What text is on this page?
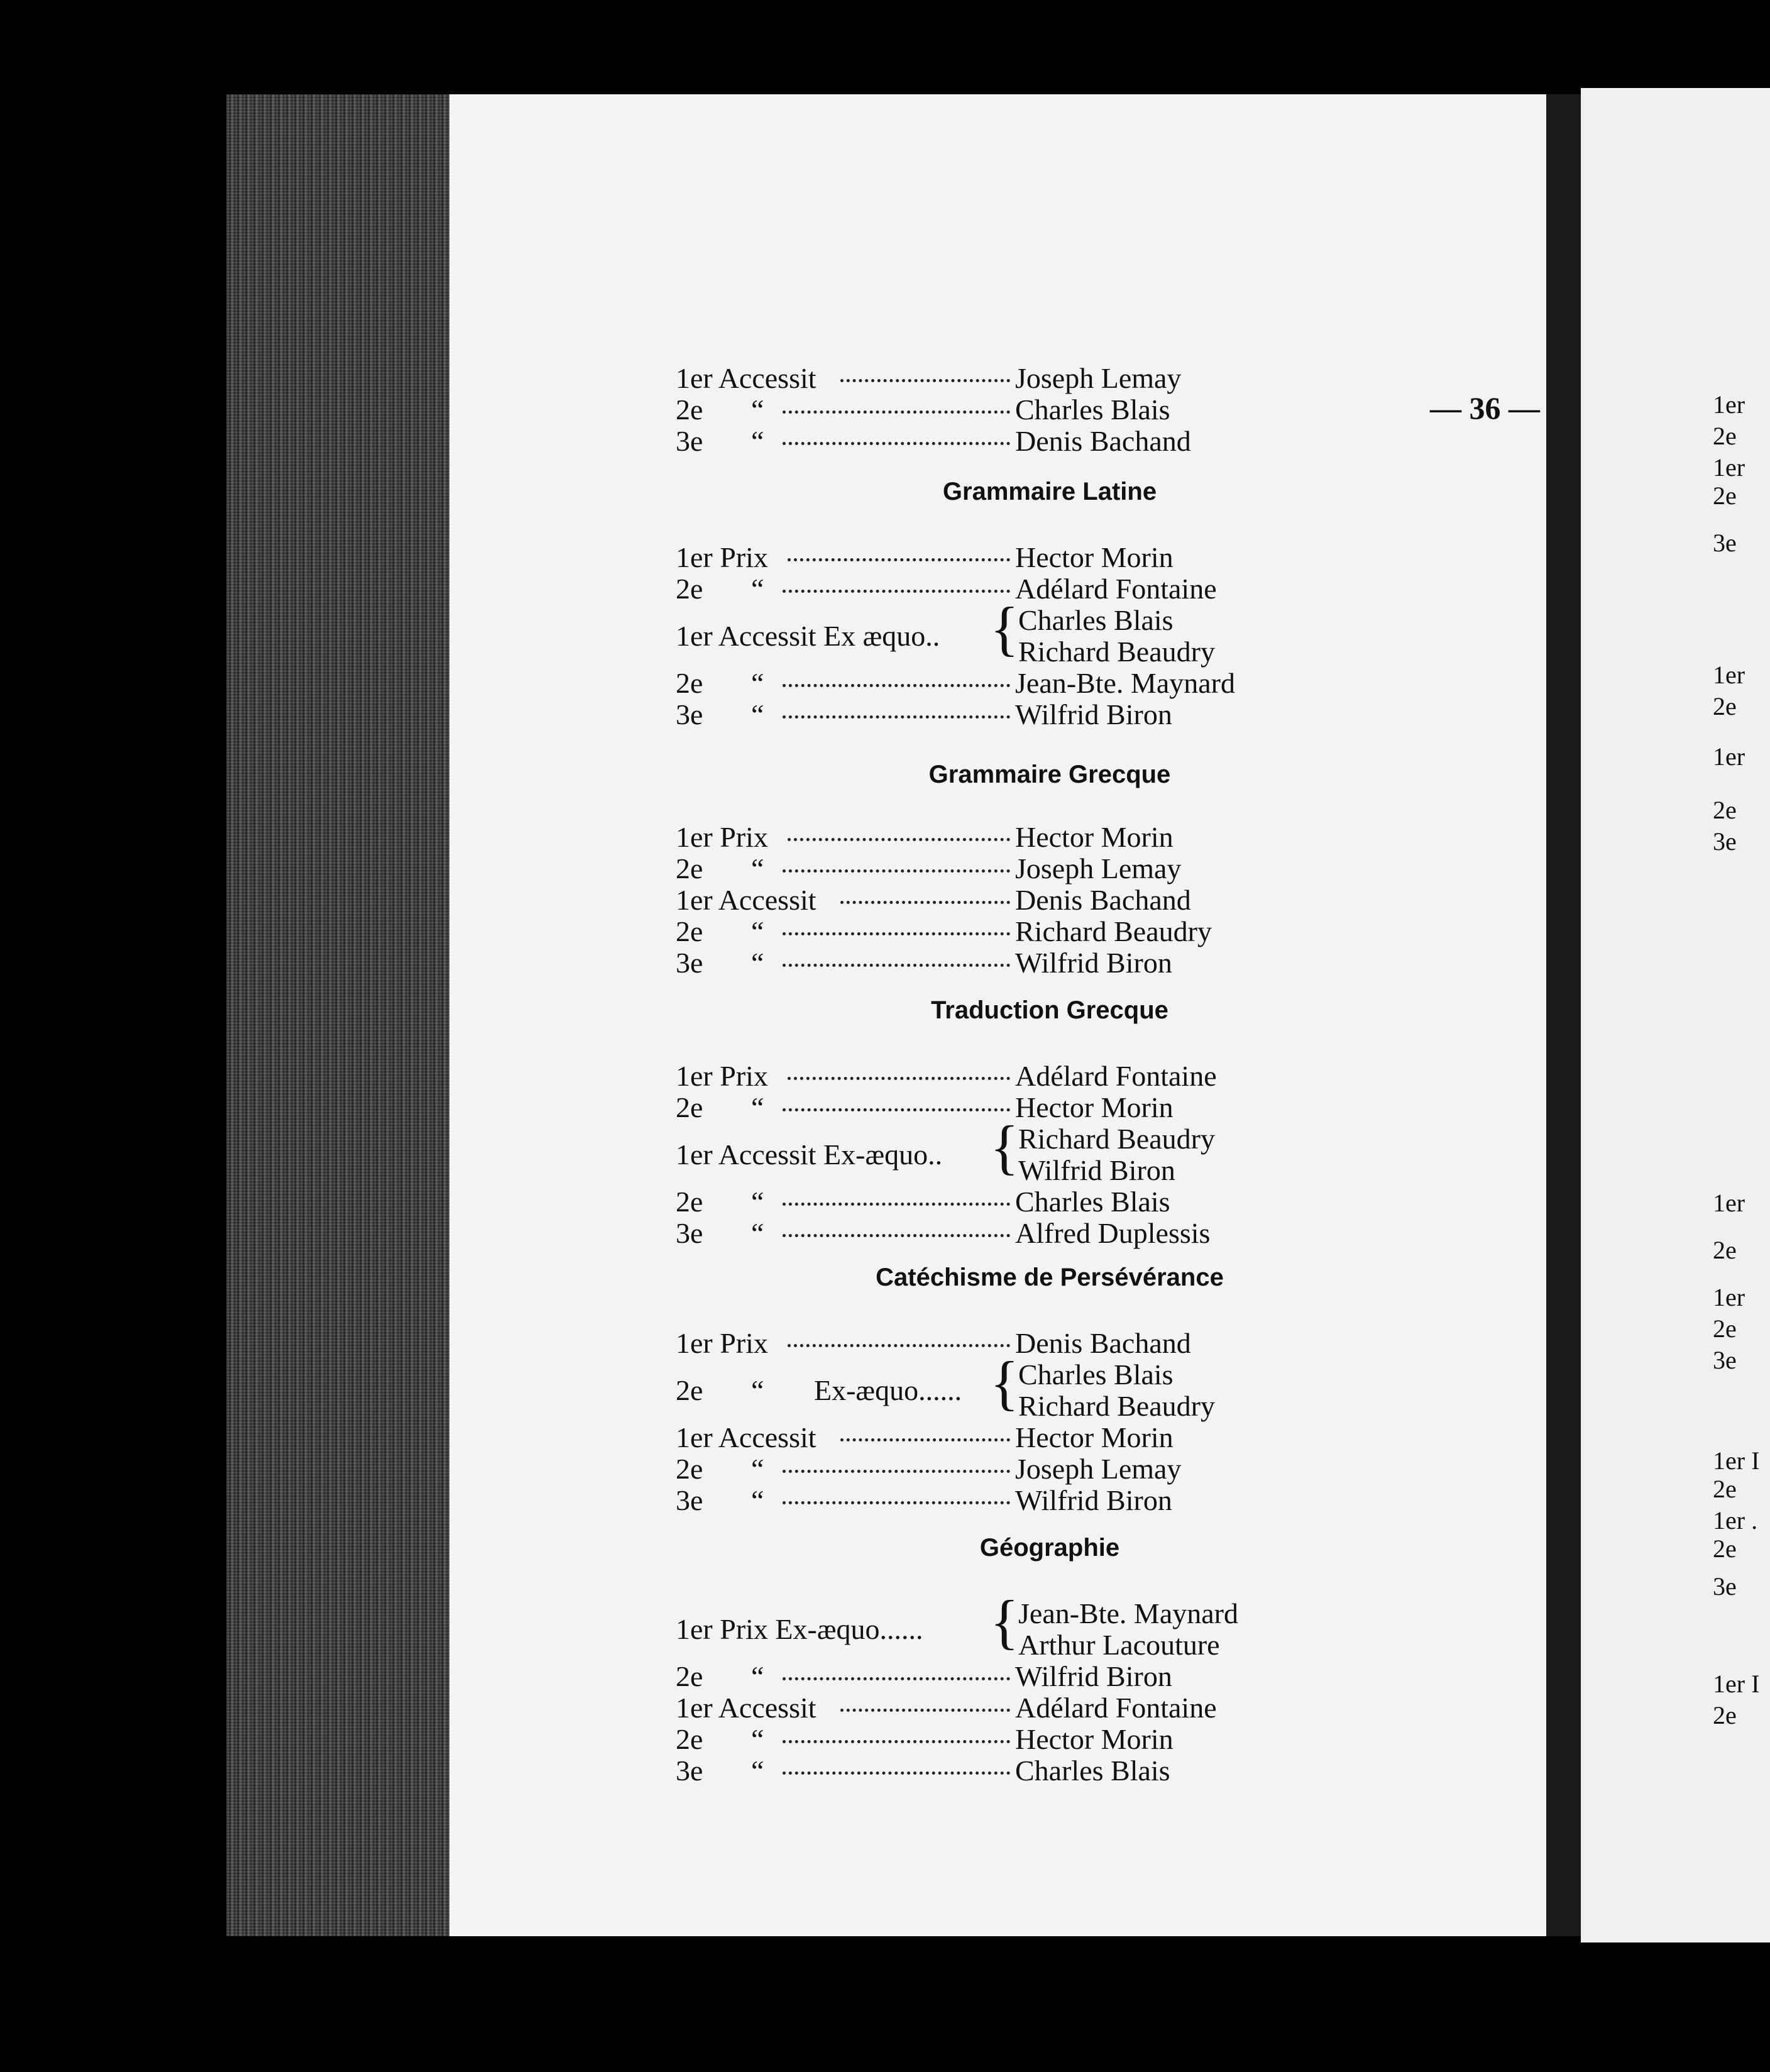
— 36 —
1er Accessit	Joseph Lemay
2e “	Charles Blais
3e “	Denis Bachand
Grammaire Latine
1er Prix	Hector Morin
2e “	Adélard Fontaine
1er Accessit Ex æquo.. {
Charles Blais
Richard Beaudry
2e “	Jean-Bte. Maynard
3e “	Wilfrid Biron
Grammaire Grecque
1er Prix	Hector Morin
2e “	Joseph Lemay
1er Accessit	Denis Bachand
2e “	Richard Beaudry
3e “	Wilfrid Biron
Traduction Grecque
1er Prix	Adélard Fontaine
2e “	Hector Morin
1er Accessit Ex-æquo.. {
Richard Beaudry
Wilfrid Biron
2e “	Charles Blais
3e “	Alfred Duplessis
Catéchisme de Persévérance
1er Prix	Denis Bachand
2e “ Ex-æquo...... {
Charles Blais
Richard Beaudry
1er Accessit	Hector Morin
2e “	Joseph Lemay
3e “	Wilfrid Biron
Géographie
1er Prix Ex-æquo...... {
Jean-Bte. Maynard
Arthur Lacouture
2e “	Wilfrid Biron
1er Accessit	Adélard Fontaine
2e “	Hector Morin
3e “	Charles Blais
1er
2e
1er
2e
3e
1er
2e
1er
2e
3e
1er
2e
1er
2e
3e
1er I
2e
1er .
2e
3e
1er I
2e
